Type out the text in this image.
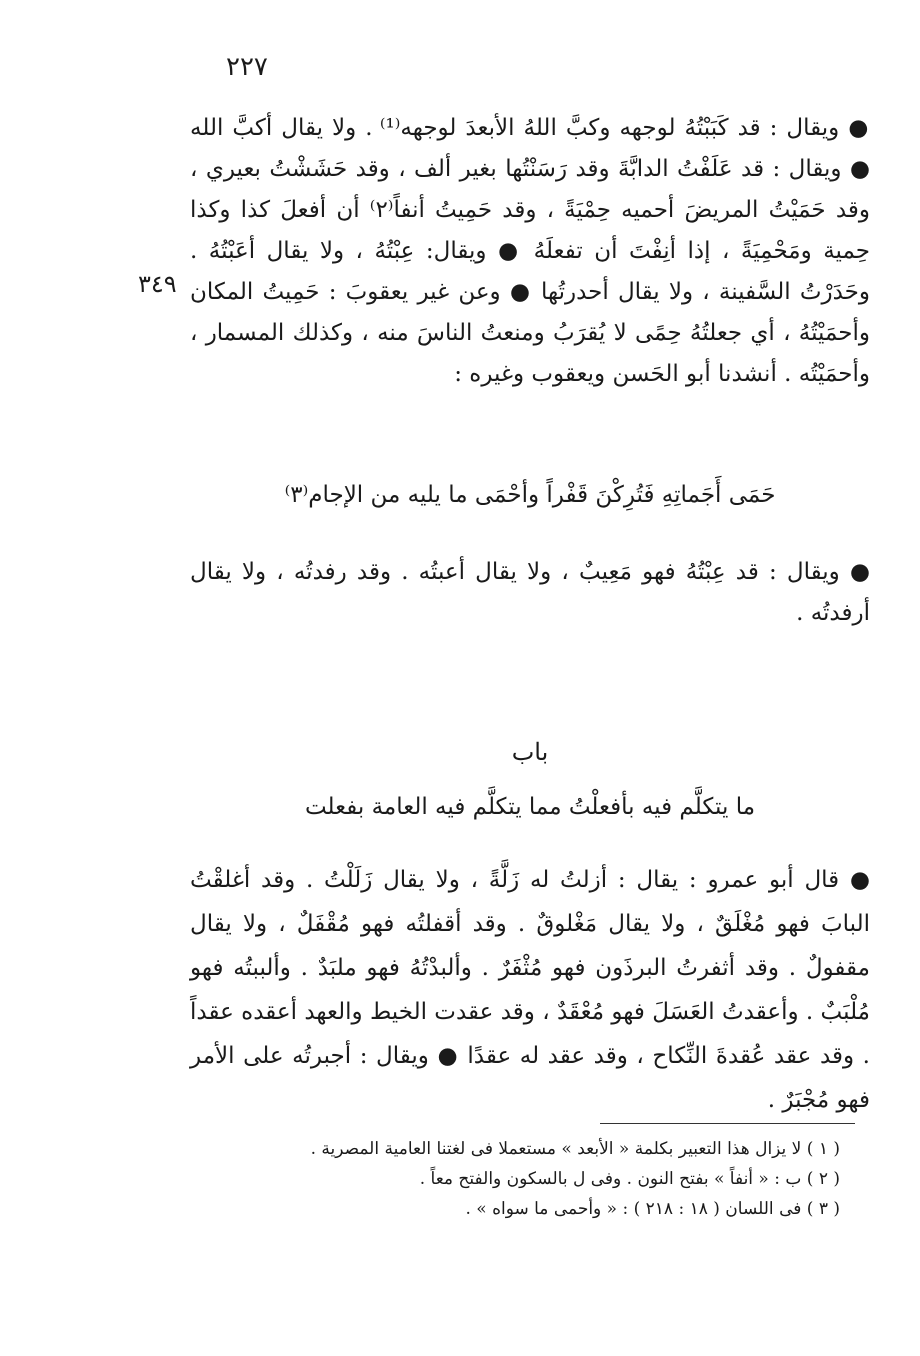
٢٢٧
٣٤٩
● ويقال : قد كَبَبْتُهُ لوجهه وكبَّ اللهُ الأبعدَ لوجهه⁽¹⁾ . ولا يقال أكبَّ الله ● ويقال : قد عَلَفْتُ الدابَّةَ وقد رَسَنْتُها بغير ألف ، وقد حَشَشْتُ بعيري ، وقد حَمَيْتُ المريضَ أحميه حِمْيَةً ، وقد حَمِيتُ أنفاً⁽٢⁾ أن أفعلَ كذا وكذا حِمية ومَحْمِيَةً ، إذا أنِفْتَ أن تفعلَهُ ● ويقال: عِبْتُهُ ، ولا يقال أعَبْتُهُ . وحَدَرْتُ السَّفينة ، ولا يقال أحدرتُها ● وعن غير يعقوبَ : حَمِيتُ المكان وأحمَيْتُهُ ، أي جعلتُهُ حِمًى لا يُقرَبُ ومنعتُ الناسَ منه ، وكذلك المسمار ، وأحمَيْتُه . أنشدنا أبو الحَسن ويعقوب وغيره :
حَمَى أَجَماتِهِ فَتُرِكْنَ قَفْراً وأحْمَى ما يليه من الإجام⁽٣⁾
● ويقال : قد عِبْتُهُ فهو مَعِيبٌ ، ولا يقال أعبتُه . وقد رفدتُه ، ولا يقال أرفدتُه .
باب
ما يتكلَّم فيه بأفعلْتُ مما يتكلَّم فيه العامة بفعلت
● قال أبو عمرو : يقال : أزلتُ له زَلَّةً ، ولا يقال زَلَلْتُ . وقد أغلقْتُ البابَ فهو مُغْلَقٌ ، ولا يقال مَغْلوقٌ . وقد أقفلتُه فهو مُقْفَلٌ ، ولا يقال مقفولٌ . وقد أثفرتُ البرذَون فهو مُثْفَرٌ . وألبدْتُهُ فهو ملبَدٌ . وألببتُه فهو مُلْبَبٌ . وأعقدتُ العَسَلَ فهو مُعْقَدٌ ، وقد عقدت الخيط والعهد أعقده عقداً . وقد عقد عُقدةَ النِّكاح ، وقد عقد له عقدًا ● ويقال : أجبرتُه على الأمر فهو مُجْبَرٌ .
( ١ ) لا يزال هذا التعبير بكلمة « الأبعد » مستعملا فى لغتنا العامية المصرية .
( ٢ ) ب : « أنفاً » بفتح النون . وفى ل بالسكون والفتح معاً .
( ٣ ) فى اللسان ( ١٨ : ٢١٨ ) : « وأحمى ما سواه » .
